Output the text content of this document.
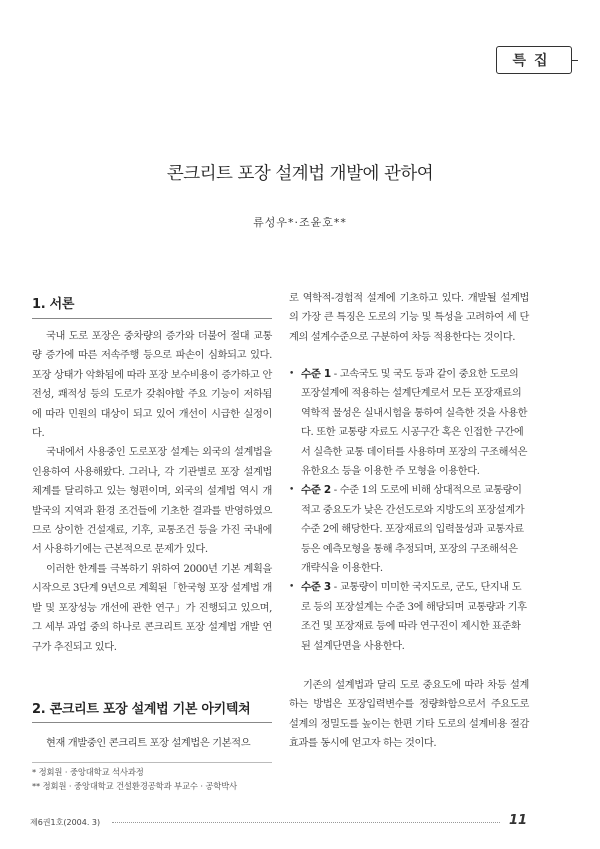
특집
콘크리트 포장 설계법 개발에 관하여
류성우*·조윤호**
1. 서론

국내 도로 포장은 중차량의 증가와 더불어 절대 교통량 증가에 따른 저속주행 등으로 파손이 심화되고 있다. 포장 상태가 악화됨에 따라 포장 보수비용이 증가하고 안전성, 쾌적성 등의 도로가 갖춰야할 주요 기능이 저하됨에 따라 민원의 대상이 되고 있어 개선이 시급한 실정이다.

국내에서 사용중인 도로포장 설계는 외국의 설계법을 인용하여 사용해왔다. 그러나, 각 기관별로 포장 설계법 체계를 달리하고 있는 형편이며, 외국의 설계법 역시 개발국의 지역과 환경 조건들에 기초한 결과를 반영하였으므로 상이한 건설재료, 기후, 교통조건 등을 가진 국내에서 사용하기에는 근본적으로 문제가 있다.

이러한 한계를 극복하기 위하여 2000년 기본 계획을 시작으로 3단계 9년으로 계획된「한국형 포장 설계법 개발 및 포장성능 개선에 관한 연구」가 진행되고 있으며, 그 세부 과업 중의 하나로 콘크리트 포장 설계법 개발 연구가 추진되고 있다.

2. 콘크리트 포장 설계법 기본 아키텍쳐

현재 개발중인 콘크리트 포장 설계법은 기본적으

로 역학적-경험적 설계에 기초하고 있다. 개발될 설계법의 가장 큰 특징은 도로의 기능 및 특성을 고려하여 세 단계의 설계수준으로 구분하여 차등 적용한다는 것이다.

• 수준 1 - 고속국도 및 국도 등과 같이 중요한 도로의 포장설계에 적용하는 설계단계로서 모든 포장재료의 역학적 물성은 실내시험을 통하여 실측한 것을 사용한다. 또한 교통량 자료도 시공구간 혹은 인접한 구간에서 실측한 교통 데이터를 사용하며 포장의 구조해석은 유한요소 등을 이용한 주 모형을 이용한다.

• 수준 2 - 수준 1의 도로에 비해 상대적으로 교통량이 적고 중요도가 낮은 간선도로와 지방도의 포장설계가 수준 2에 해당한다. 포장재료의 입력물성과 교통자료 등은 예측모형을 통해 추정되며, 포장의 구조해석은 개략식을 이용한다.

• 수준 3 - 교통량이 미미한 국지도로, 군도, 단지내 도로 등의 포장설계는 수준 3에 해당되며 교통량과 기후조건 및 포장재료 등에 따라 연구진이 제시한 표준화된 설계단면을 사용한다.

기존의 설계법과 달리 도로 중요도에 따라 차등 설계하는 방법은 포장입력변수를 정량화함으로서 주요도로 설계의 정밀도를 높이는 한편 기타 도로의 설계비용 절감효과를 동시에 얻고자 하는 것이다.

* 정회원 · 중앙대학교 석사과정
** 정회원 · 중앙대학교 건설환경공학과 부교수 · 공학박사
제6권1호(2004. 3)	11
